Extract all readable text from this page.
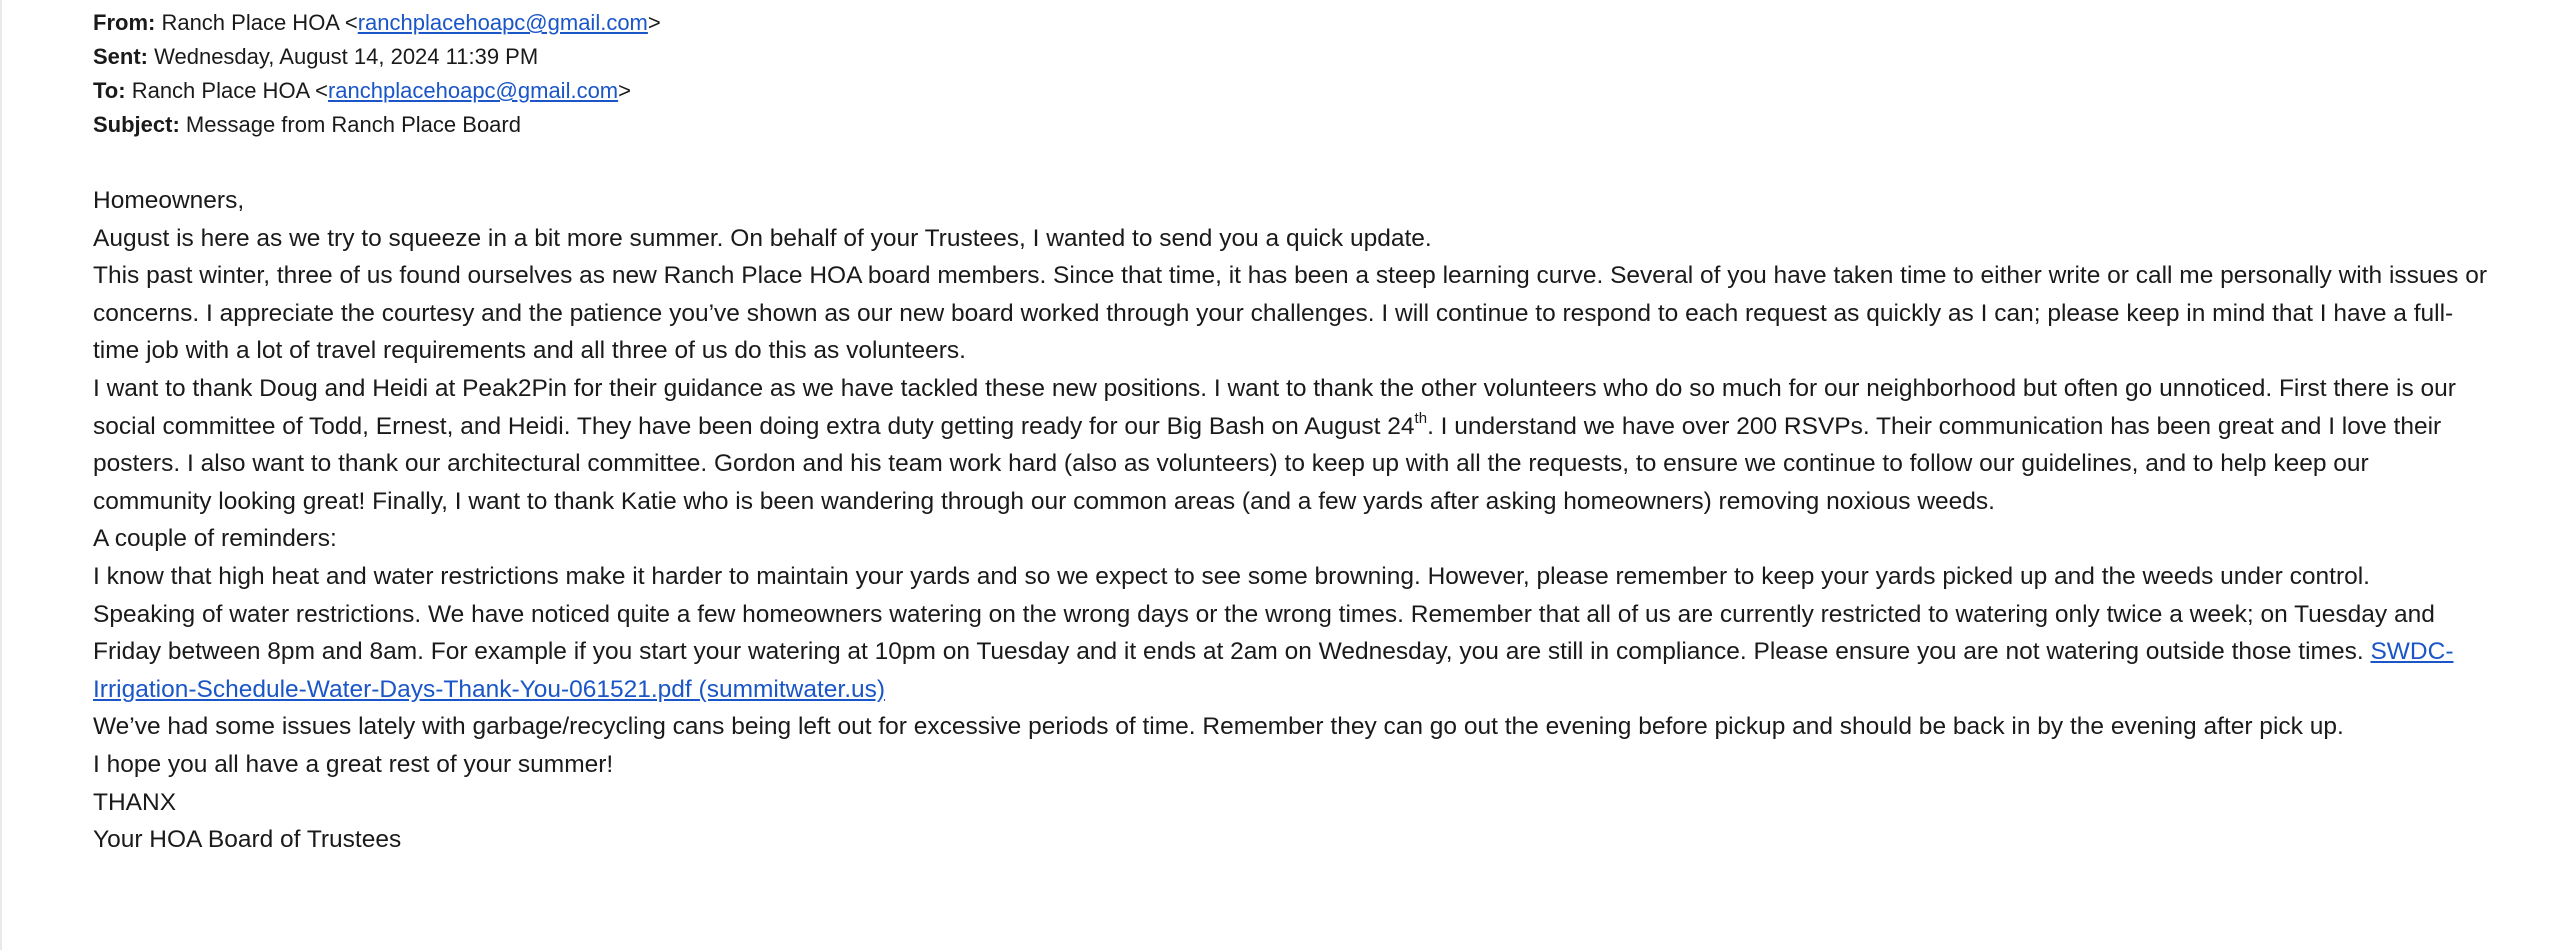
From: Ranch Place HOA <ranchplacehoapc@gmail.com>
Sent: Wednesday, August 14, 2024 11:39 PM
To: Ranch Place HOA <ranchplacehoapc@gmail.com>
Subject: Message from Ranch Place Board

Homeowners,

August is here as we try to squeeze in a bit more summer. On behalf of your Trustees, I wanted to send you a quick update.

This past winter, three of us found ourselves as new Ranch Place HOA board members. Since that time, it has been a steep learning curve. Several of you have taken time to either write or call me personally with issues or concerns. I appreciate the courtesy and the patience you’ve shown as our new board worked through your challenges. I will continue to respond to each request as quickly as I can; please keep in mind that I have a full-time job with a lot of travel requirements and all three of us do this as volunteers.

I want to thank Doug and Heidi at Peak2Pin for their guidance as we have tackled these new positions. I want to thank the other volunteers who do so much for our neighborhood but often go unnoticed. First there is our social committee of Todd, Ernest, and Heidi. They have been doing extra duty getting ready for our Big Bash on August 24th. I understand we have over 200 RSVPs. Their communication has been great and I love their posters. I also want to thank our architectural committee. Gordon and his team work hard (also as volunteers) to keep up with all the requests, to ensure we continue to follow our guidelines, and to help keep our community looking great! Finally, I want to thank Katie who is been wandering through our common areas (and a few yards after asking homeowners) removing noxious weeds.

A couple of reminders:

I know that high heat and water restrictions make it harder to maintain your yards and so we expect to see some browning. However, please remember to keep your yards picked up and the weeds under control.

Speaking of water restrictions. We have noticed quite a few homeowners watering on the wrong days or the wrong times. Remember that all of us are currently restricted to watering only twice a week; on Tuesday and Friday between 8pm and 8am. For example if you start your watering at 10pm on Tuesday and it ends at 2am on Wednesday, you are still in compliance. Please ensure you are not watering outside those times. SWDC-Irrigation-Schedule-Water-Days-Thank-You-061521.pdf (summitwater.us)

We’ve had some issues lately with garbage/recycling cans being left out for excessive periods of time. Remember they can go out the evening before pickup and should be back in by the evening after pick up.

I hope you all have a great rest of your summer!

THANX

Your HOA Board of Trustees
